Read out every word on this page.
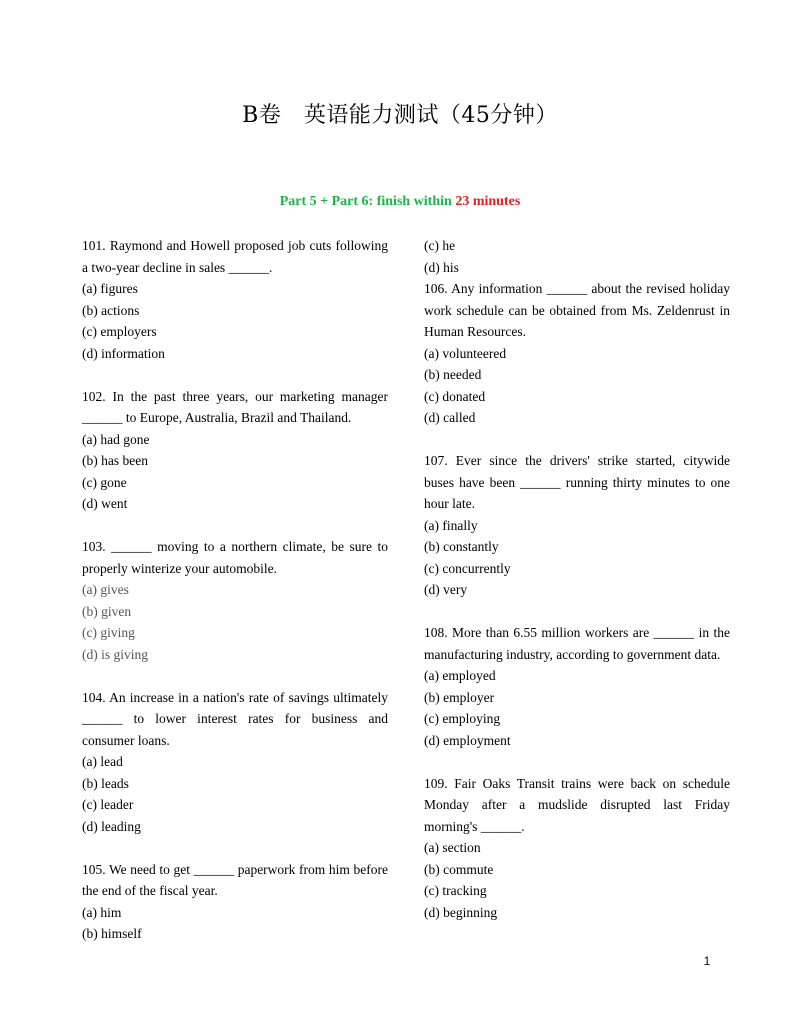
B卷　英语能力测试（45分钟）
Part 5 + Part 6: finish within 23 minutes
101. Raymond and Howell proposed job cuts following a two-year decline in sales ______.
(a) figures
(b) actions
(c) employers
(d) information
102. In the past three years, our marketing manager ______ to Europe, Australia, Brazil and Thailand.
(a) had gone
(b) has been
(c) gone
(d) went
103. ______ moving to a northern climate, be sure to properly winterize your automobile.
(a) gives
(b) given
(c) giving
(d) is giving
104. An increase in a nation's rate of savings ultimately ______ to lower interest rates for business and consumer loans.
(a) lead
(b) leads
(c) leader
(d) leading
105. We need to get ______ paperwork from him before the end of the fiscal year.
(a) him
(b) himself
(c) he
(d) his
106. Any information ______ about the revised holiday work schedule can be obtained from Ms. Zeldenrust in Human Resources.
(a) volunteered
(b) needed
(c) donated
(d) called
107. Ever since the drivers' strike started, citywide buses have been ______ running thirty minutes to one hour late.
(a) finally
(b) constantly
(c) concurrently
(d) very
108. More than 6.55 million workers are ______ in the manufacturing industry, according to government data.
(a) employed
(b) employer
(c) employing
(d) employment
109. Fair Oaks Transit trains were back on schedule Monday after a mudslide disrupted last Friday morning's ______.
(a) section
(b) commute
(c) tracking
(d) beginning
1
